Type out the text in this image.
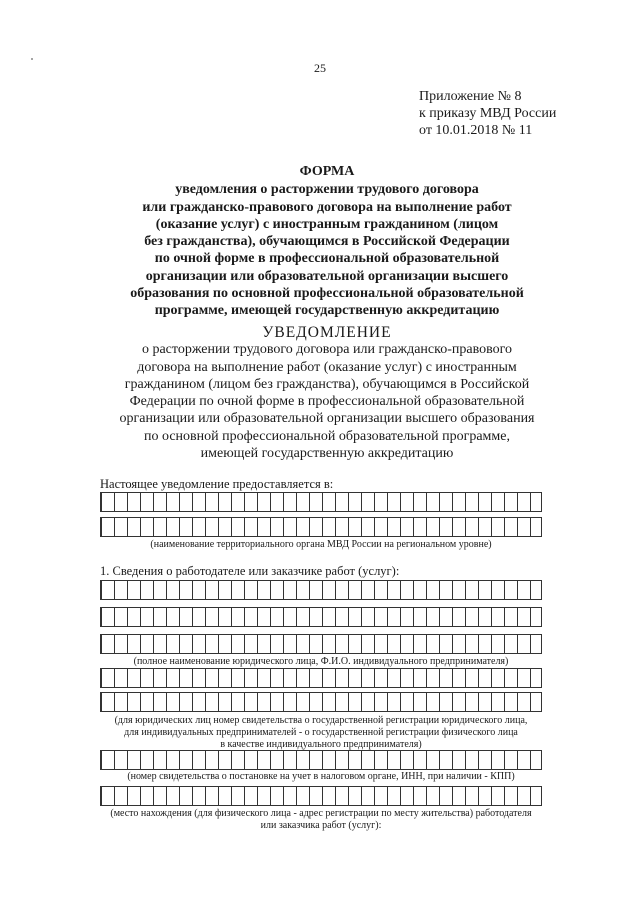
25
Приложение № 8
к приказу МВД России
от 10.01.2018 № 11
ФОРМА
уведомления о расторжении трудового договора
или гражданско-правового договора на выполнение работ
(оказание услуг) с иностранным гражданином (лицом
без гражданства), обучающимся в Российской Федерации
по очной форме в профессиональной образовательной
организации или образовательной организации высшего
образования по основной профессиональной образовательной
программе, имеющей государственную аккредитацию
УВЕДОМЛЕНИЕ
о расторжении трудового договора или гражданско-правового
договора на выполнение работ (оказание услуг) с иностранным
гражданином (лицом без гражданства), обучающимся в Российской
Федерации по очной форме в профессиональной образовательной
организации или образовательной организации высшего образования
по основной профессиональной образовательной программе,
имеющей государственную аккредитацию
Настоящее уведомление предоставляется в:
(наименование территориального органа МВД России на региональном уровне)
1. Сведения о работодателе или заказчике работ (услуг):
(полное наименование юридического лица, Ф.И.О. индивидуального предпринимателя)
(для юридических лиц номер свидетельства о государственной регистрации юридического лица,
для индивидуальных предпринимателей - о государственной регистрации физического лица
в качестве индивидуального предпринимателя)
(номер свидетельства о постановке на учет в налоговом органе, ИНН, при наличии - КПП)
(место нахождения (для физического лица - адрес регистрации по месту жительства) работодателя
или заказчика работ (услуг):
